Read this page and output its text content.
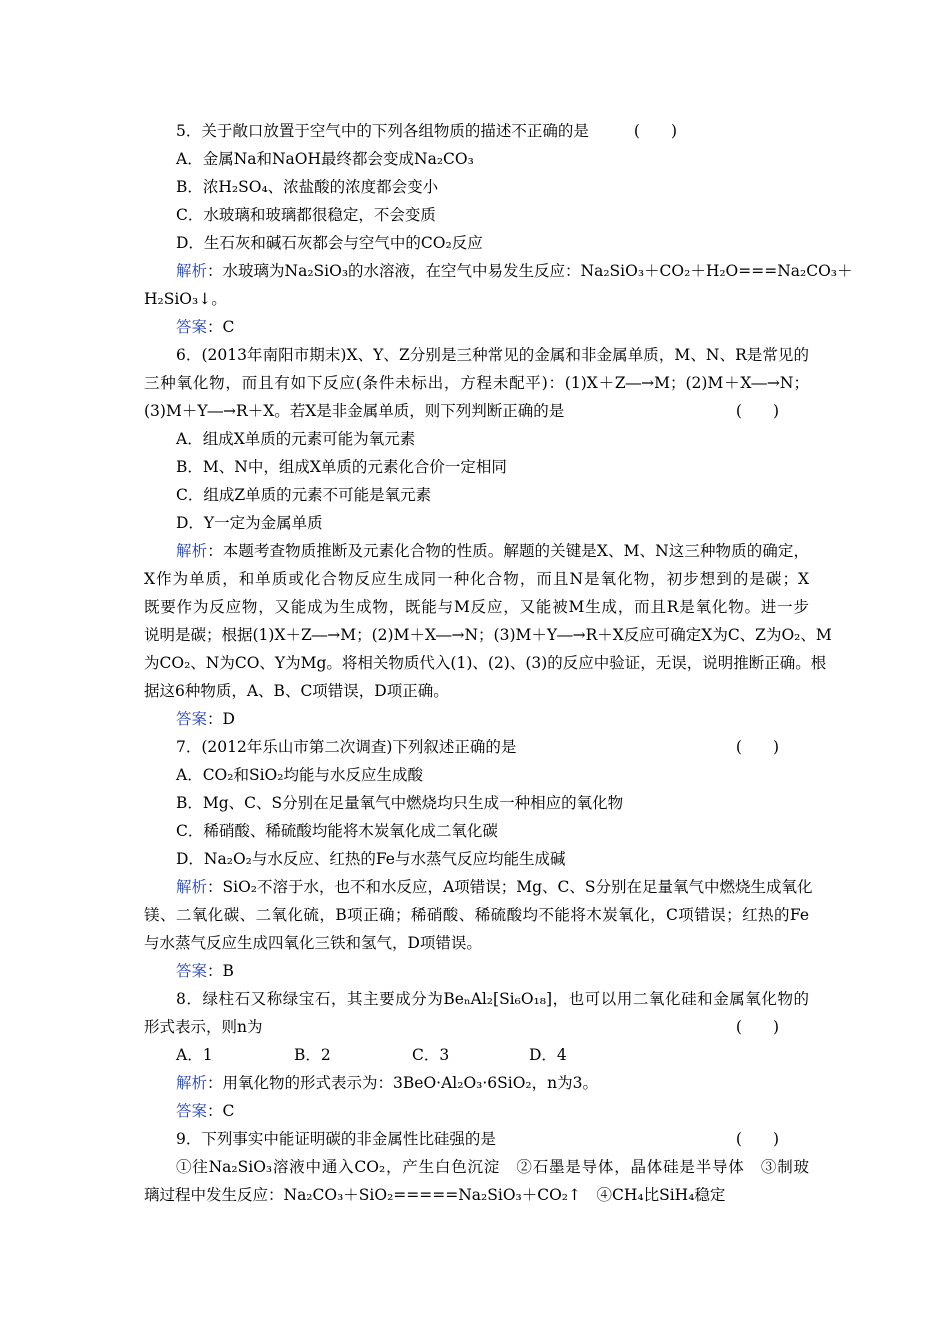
5．关于敞口放置于空气中的下列各组物质的描述不正确的是	(　　)
A．金属Na和NaOH最终都会变成Na₂CO₃
B．浓H₂SO₄、浓盐酸的浓度都会变小
C．水玻璃和玻璃都很稳定，不会变质
D．生石灰和碱石灰都会与空气中的CO₂反应
解析：水玻璃为Na₂SiO₃的水溶液，在空气中易发生反应：Na₂SiO₃＋CO₂＋H₂O===Na₂CO₃＋
H₂SiO₃↓。
答案：C
6．(2013年南阳市期末)X、Y、Z分别是三种常见的金属和非金属单质，M、N、R是常见的
三种氧化物，而且有如下反应(条件未标出，方程未配平)：(1)X＋Z―→M；(2)M＋X―→N；
(3)M＋Y―→R＋X。若X是非金属单质，则下列判断正确的是	(　　)
A．组成X单质的元素可能为氧元素
B．M、N中，组成X单质的元素化合价一定相同
C．组成Z单质的元素不可能是氧元素
D．Y一定为金属单质
解析：本题考查物质推断及元素化合物的性质。解题的关键是X、M、N这三种物质的确定，
X作为单质，和单质或化合物反应生成同一种化合物，而且N是氧化物，初步想到的是碳；X
既要作为反应物，又能成为生成物，既能与M反应，又能被M生成，而且R是氧化物。进一步
说明是碳；根据(1)X＋Z―→M；(2)M＋X―→N；(3)M＋Y―→R＋X反应可确定X为C、Z为O₂、M
为CO₂、N为CO、Y为Mg。将相关物质代入(1)、(2)、(3)的反应中验证，无误，说明推断正确。根
据这6种物质，A、B、C项错误，D项正确。
答案：D
7．(2012年乐山市第二次调查)下列叙述正确的是	(　　)
A．CO₂和SiO₂均能与水反应生成酸
B．Mg、C、S分别在足量氧气中燃烧均只生成一种相应的氧化物
C．稀硝酸、稀硫酸均能将木炭氧化成二氧化碳
D．Na₂O₂与水反应、红热的Fe与水蒸气反应均能生成碱
解析：SiO₂不溶于水，也不和水反应，A项错误；Mg、C、S分别在足量氧气中燃烧生成氧化
镁、二氧化碳、二氧化硫，B项正确；稀硝酸、稀硫酸均不能将木炭氧化，C项错误；红热的Fe
与水蒸气反应生成四氧化三铁和氢气，D项错误。
答案：B
8．绿柱石又称绿宝石，其主要成分为BeₙAl₂[Si₆O₁₈]，也可以用二氧化硅和金属氧化物的
形式表示，则n为	(　　)
A．1	B．2	C．3	D．4
解析：用氧化物的形式表示为：3BeO·Al₂O₃·6SiO₂，n为3。
答案：C
9．下列事实中能证明碳的非金属性比硅强的是	(　　)
①往Na₂SiO₃溶液中通入CO₂，产生白色沉淀　②石墨是导体，晶体硅是半导体　③制玻
璃过程中发生反应：Na₂CO₃＋SiO₂=====Na₂SiO₃＋CO₂↑　④CH₄比SiH₄稳定
